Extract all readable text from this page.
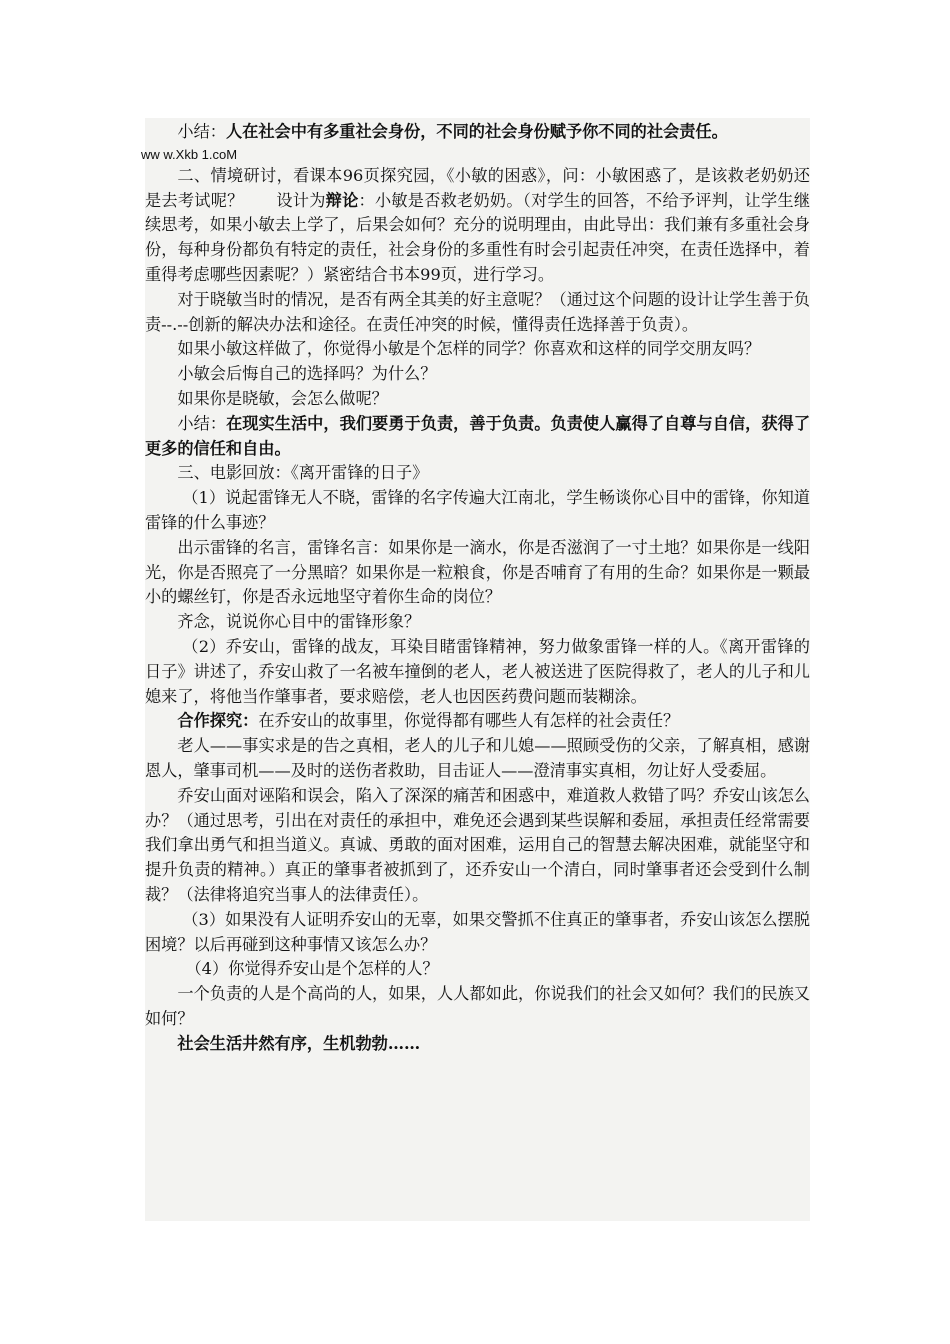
小结：人在社会中有多重社会身份，不同的社会身份赋予你不同的社会责任。

ww w.Xkb 1.coM

二、情境研讨，看课本96页探究园，《小敏的困惑》，问：小敏困惑了，是该救老奶奶还是去考试呢？　　设计为辩论：小敏是否救老奶奶。（对学生的回答，不给予评判，让学生继续思考，如果小敏去上学了，后果会如何？充分的说明理由，由此导出：我们兼有多重社会身份，每种身份都负有特定的责任，社会身份的多重性有时会引起责任冲突，在责任选择中，着重得考虑哪些因素呢？）紧密结合书本99页，进行学习。

对于晓敏当时的情况，是否有两全其美的好主意呢？（通过这个问题的设计让学生善于负责--.--创新的解决办法和途径。在责任冲突的时候，懂得责任选择善于负责）。

如果小敏这样做了，你觉得小敏是个怎样的同学？你喜欢和这样的同学交朋友吗？

小敏会后悔自己的选择吗？为什么？

如果你是晓敏，会怎么做呢？

小结：在现实生活中，我们要勇于负责，善于负责。负责使人赢得了自尊与自信，获得了更多的信任和自由。

三、电影回放：《离开雷锋的日子》

（1）说起雷锋无人不晓，雷锋的名字传遍大江南北，学生畅谈你心目中的雷锋，你知道雷锋的什么事迹？

出示雷锋的名言，雷锋名言：如果你是一滴水，你是否滋润了一寸土地？如果你是一线阳光，你是否照亮了一分黑暗？如果你是一粒粮食，你是否哺育了有用的生命？如果你是一颗最小的螺丝钉，你是否永远地坚守着你生命的岗位？

齐念，说说你心目中的雷锋形象？

（2）乔安山，雷锋的战友，耳染目睹雷锋精神，努力做象雷锋一样的人。《离开雷锋的日子》讲述了，乔安山救了一名被车撞倒的老人，老人被送进了医院得救了，老人的儿子和儿媳来了，将他当作肇事者，要求赔偿，老人也因医药费问题而装糊涂。

合作探究：在乔安山的故事里，你觉得都有哪些人有怎样的社会责任？

老人——事实求是的告之真相，老人的儿子和儿媳——照顾受伤的父亲，了解真相，感谢恩人，肇事司机——及时的送伤者救助，目击证人——澄清事实真相，勿让好人受委屈。

乔安山面对诬陷和误会，陷入了深深的痛苦和困惑中，难道救人救错了吗？乔安山该怎么办？（通过思考，引出在对责任的承担中，难免还会遇到某些误解和委屈，承担责任经常需要我们拿出勇气和担当道义。真诚、勇敢的面对困难，运用自己的智慧去解决困难，就能坚守和提升负责的精神。）真正的肇事者被抓到了，还乔安山一个清白，同时肇事者还会受到什么制裁？（法律将追究当事人的法律责任）。

（3）如果没有人证明乔安山的无辜，如果交警抓不住真正的肇事者，乔安山该怎么摆脱困境？以后再碰到这种事情又该怎么办？

（4）你觉得乔安山是个怎样的人？

一个负责的人是个高尚的人，如果，人人都如此，你说我们的社会又如何？我们的民族又如何？

社会生活井然有序，生机勃勃……
